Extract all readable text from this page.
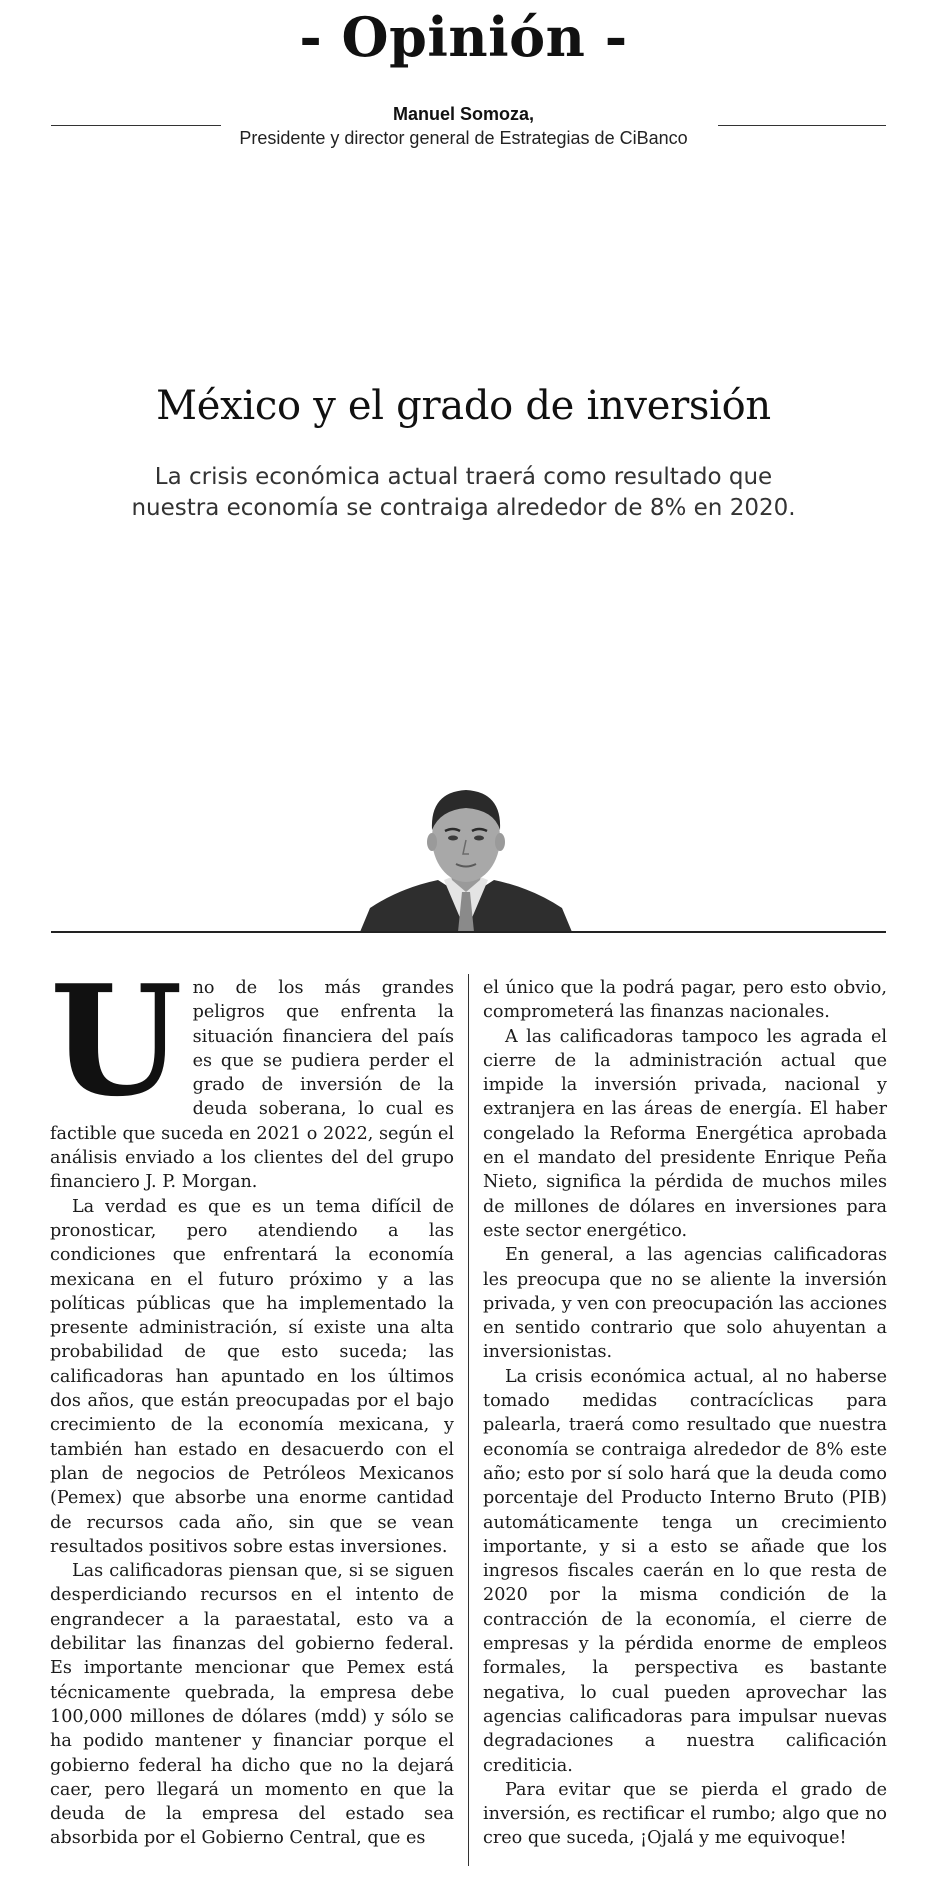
- Opinión -
Manuel Somoza,
Presidente y director general de Estrategias de CiBanco
México y el grado de inversión
La crisis económica actual traerá como resultado que
nuestra economía se contraiga alrededor de 8% en 2020.

Uno de los más grandes peligros que enfrenta la situación financiera del país es que se pudiera perder el grado de inversión de la deuda soberana, lo cual es factible que suceda en 2021 o 2022, según el análisis enviado a los clientes del del grupo financiero J. P. Morgan.

La verdad es que es un tema difícil de pronosticar, pero atendiendo a las condiciones que enfrentará la economía mexicana en el futuro próximo y a las políticas públicas que ha implementado la presente administración, sí existe una alta probabilidad de que esto suceda; las calificadoras han apuntado en los últimos dos años, que están preocupadas por el bajo crecimiento de la economía mexicana, y también han estado en desacuerdo con el plan de negocios de Petróleos Mexicanos (Pemex) que absorbe una enorme cantidad de recursos cada año, sin que se vean resultados positivos sobre estas inversiones.

Las calificadoras piensan que, si se siguen desperdiciando recursos en el intento de engrandecer a la paraestatal, esto va a debilitar las finanzas del gobierno federal. Es importante mencionar que Pemex está técnicamente quebrada, la empresa debe 100,000 millones de dólares (mdd) y sólo se ha podido mantener y financiar porque el gobierno federal ha dicho que no la dejará caer, pero llegará un momento en que la deuda de la empresa del estado sea absorbida por el Gobierno Central, que es

el único que la podrá pagar, pero esto obvio, comprometerá las finanzas nacionales.

A las calificadoras tampoco les agrada el cierre de la administración actual que impide la inversión privada, nacional y extranjera en las áreas de energía. El haber congelado la Reforma Energética aprobada en el mandato del presidente Enrique Peña Nieto, significa la pérdida de muchos miles de millones de dólares en inversiones para este sector energético.

En general, a las agencias calificadoras les preocupa que no se aliente la inversión privada, y ven con preocupación las acciones en sentido contrario que solo ahuyentan a inversionistas.

La crisis económica actual, al no haberse tomado medidas contracíclicas para palearla, traerá como resultado que nuestra economía se contraiga alrededor de 8% este año; esto por sí solo hará que la deuda como porcentaje del Producto Interno Bruto (PIB) automáticamente tenga un crecimiento importante, y si a esto se añade que los ingresos fiscales caerán en lo que resta de 2020 por la misma condición de la contracción de la economía, el cierre de empresas y la pérdida enorme de empleos formales, la perspectiva es bastante negativa, lo cual pueden aprovechar las agencias calificadoras para impulsar nuevas degradaciones a nuestra calificación crediticia.

Para evitar que se pierda el grado de inversión, es rectificar el rumbo; algo que no creo que suceda, ¡Ojalá y me equivoque!
